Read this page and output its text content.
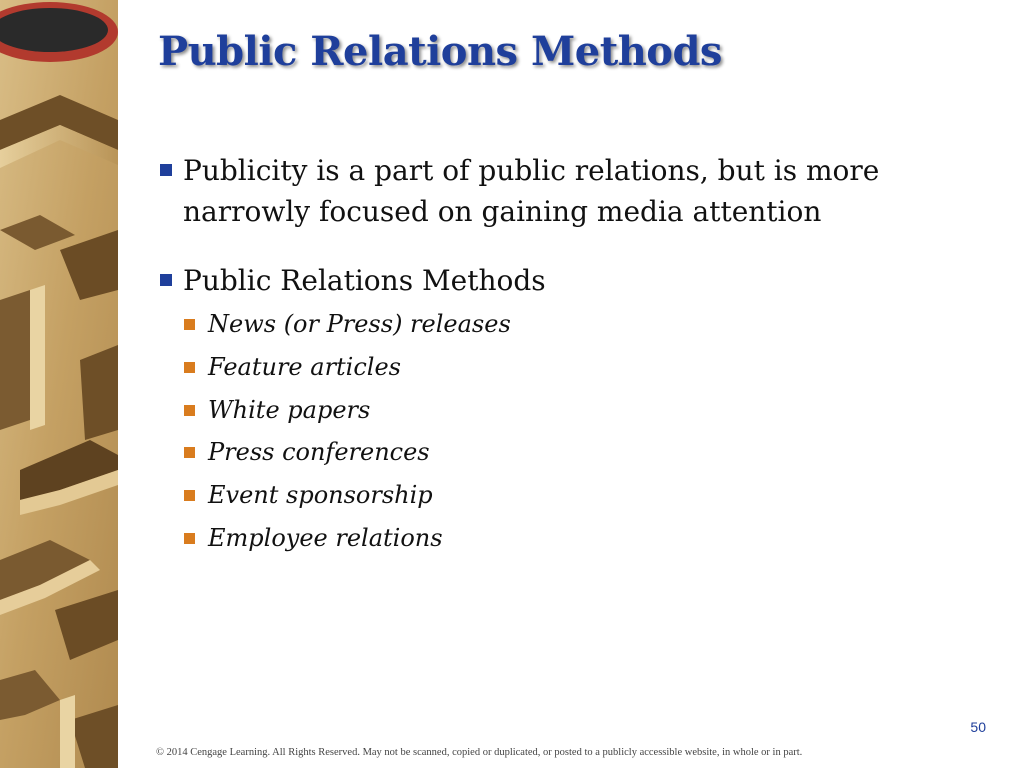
Public Relations Methods
Publicity is a part of public relations, but is more narrowly focused on gaining media attention
Public Relations Methods
News (or Press) releases
Feature articles
White papers
Press conferences
Event sponsorship
Employee relations
50
© 2014 Cengage Learning. All Rights Reserved. May not be scanned, copied or duplicated, or posted to a publicly accessible website, in whole or in part.
